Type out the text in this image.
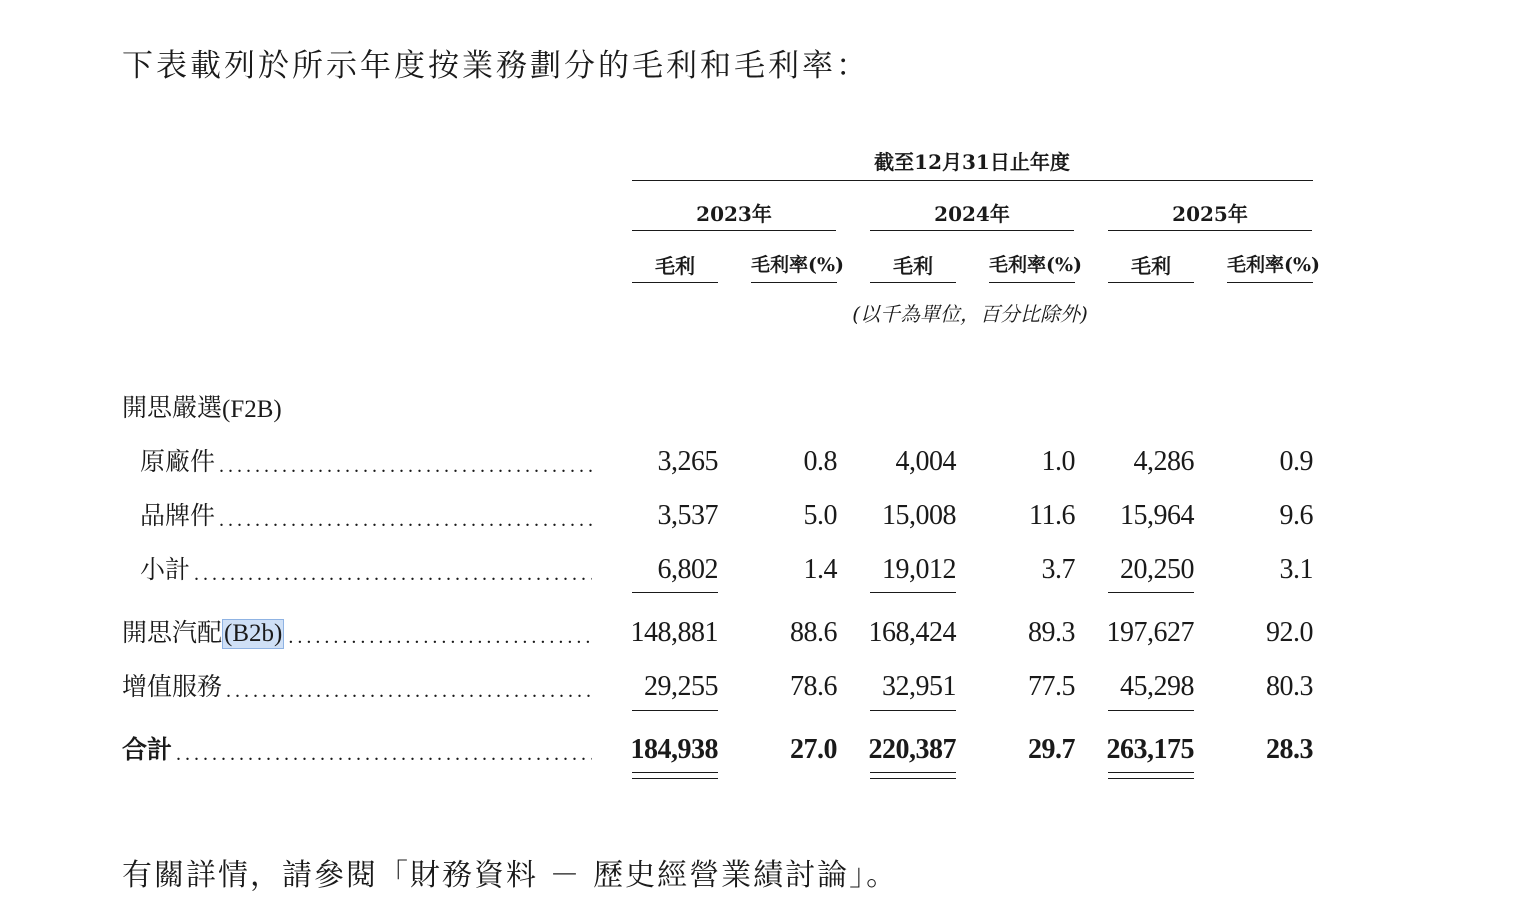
下表載列於所示年度按業務劃分的毛利和毛利率：

截至12月31日止年度
2023年	2024年	2025年
毛利	毛利率(%)	毛利	毛利率(%)	毛利	毛利率(%)
(以千為單位，百分比除外)
開思嚴選 (F2B)
原廠件 .....	3,265	0.8	4,004	1.0	4,286	0.9
品牌件 .....	3,537	5.0	15,008	11.6	15,964	9.6
小計 .....	6,802	1.4	19,012	3.7	20,250	3.1
開思汽配 (B2b) .....	148,881	88.6	168,424	89.3	197,627	92.0
增值服務 .....	29,255	78.6	32,951	77.5	45,298	80.3
合計 .....	184,938	27.0	220,387	29.7	263,175	28.3

有關詳情，請參閱「財務資料 － 歷史經營業績討論」。
